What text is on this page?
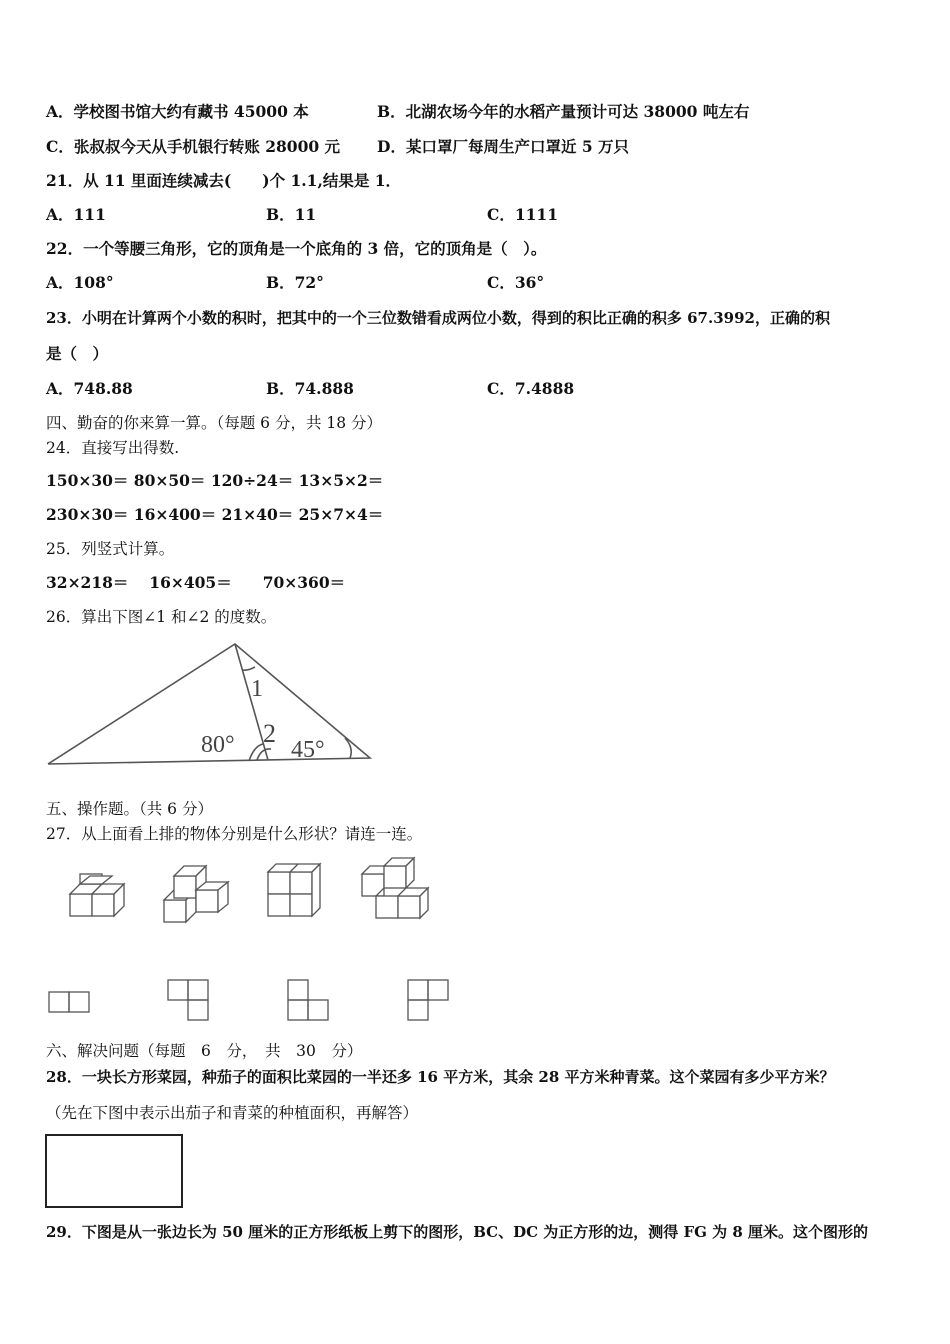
A．学校图书馆大约有藏书 45000 本	B．北湖农场今年的水稻产量预计可达 38000 吨左右
C．张叔叔今天从手机银行转账 28000 元 D．某口罩厂每周生产口罩近 5 万只
21．从 11 里面连续减去(　　)个 1.1,结果是 1．
A．111	B．11	C．1111
22．一个等腰三角形，它的顶角是一个底角的 3 倍，它的顶角是（　）。
A．108°	B．72°	C．36°
23．小明在计算两个小数的积时，把其中的一个三位数错看成两位小数，得到的积比正确的积多 67.3992，正确的积
是（　）
A．748.88	B．74.888	C．7.4888
四、勤奋的你来算一算。（每题 6 分，共 18 分）
24．直接写出得数.
150×30＝ 80×50＝ 120÷24＝ 13×5×2＝
230×30＝ 16×400＝ 21×40＝ 25×7×4＝
25．列竖式计算。
32×218＝　 16×405＝　　70×360＝
26．算出下图∠1 和∠2 的度数。
1
2
80° 45°
五、操作题。（共 6 分）
27．从上面看上排的物体分别是什么形状？请连一连。
六、解决问题（每题　6　分，　共　30　分）
28．一块长方形菜园，种茄子的面积比菜园的一半还多 16 平方米，其余 28 平方米种青菜。这个菜园有多少平方米？
（先在下图中表示出茄子和青菜的种植面积，再解答）
29．下图是从一张边长为 50 厘米的正方形纸板上剪下的图形，BC、DC 为正方形的边，测得 FG 为 8 厘米。这个图形的
